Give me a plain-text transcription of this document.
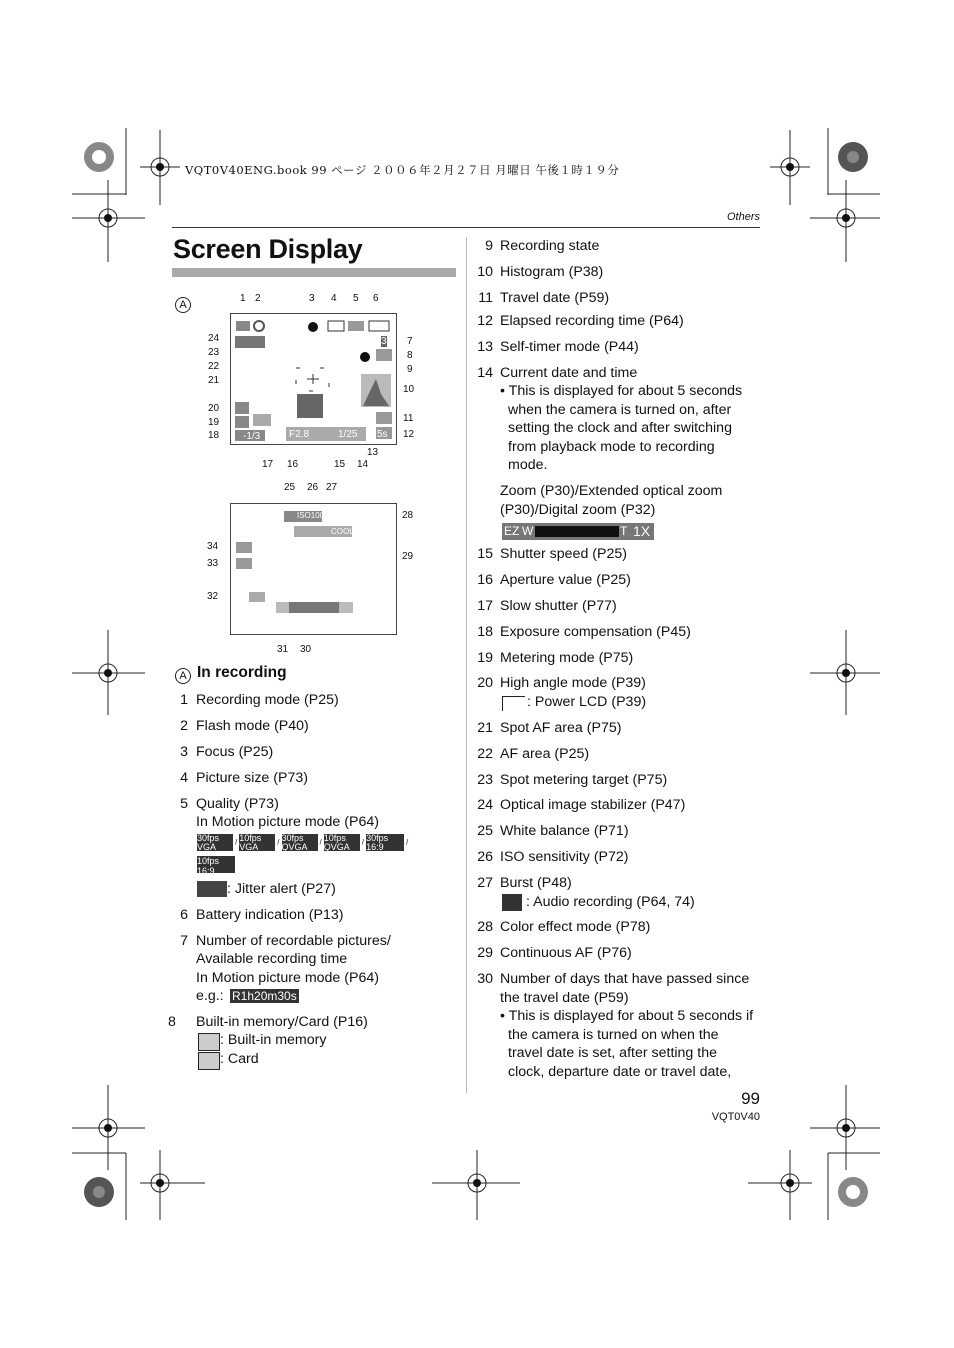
VQT0V40ENG.book 99 ページ ２００６年２月２７日 月曜日 午後１時１９分
Others
Screen Display
A
F2.8	1/25
3
5s
-1/3
1 2	3 4 5 6
7
8
9
10
11
12
24
23
22
21
20
19
18
17 16	15 14
13
ISO100
COOL
25 26 27
28
29
34
33
32
31 30
A In recording
1 Recording mode (P25)
2 Flash mode (P40)
3 Focus (P25)
4 Picture size (P73)
5 Quality (P73)
In Motion picture mode (P64)
30fps VGA / 10fps VGA / 30fps QVGA / 10fps QVGA / 30fps 16:9 /
10fps 16:9
: Jitter alert (P27)
6 Battery indication (P13)
7 Number of recordable pictures/
Available recording time
In Motion picture mode (P64)
e.g.: R1h20m30s
8	Built-in memory/Card (P16)
: Built-in memory
: Card
9 Recording state
10 Histogram (P38)
11 Travel date (P59)
12 Elapsed recording time (P64)
13 Self-timer mode (P44)
14 Current date and time
• This is displayed for about 5 seconds
when the camera is turned on, after
setting the clock and after switching
from playback mode to recording
mode.
Zoom (P30)/Extended optical zoom
(P30)/Digital zoom (P32)
EZ W	T 1X
15 Shutter speed (P25)
16 Aperture value (P25)
17 Slow shutter (P77)
18 Exposure compensation (P45)
19 Metering mode (P75)
20 High angle mode (P39)
: Power LCD (P39)
21 Spot AF area (P75)
22 AF area (P25)
23 Spot metering target (P75)
24 Optical image stabilizer (P47)
25 White balance (P71)
26 ISO sensitivity (P72)
27 Burst (P48)
: Audio recording (P64, 74)
28 Color effect mode (P78)
29 Continuous AF (P76)
30 Number of days that have passed since
the travel date (P59)
• This is displayed for about 5 seconds if
the camera is turned on when the
travel date is set, after setting the
clock, departure date or travel date,
99
VQT0V40
